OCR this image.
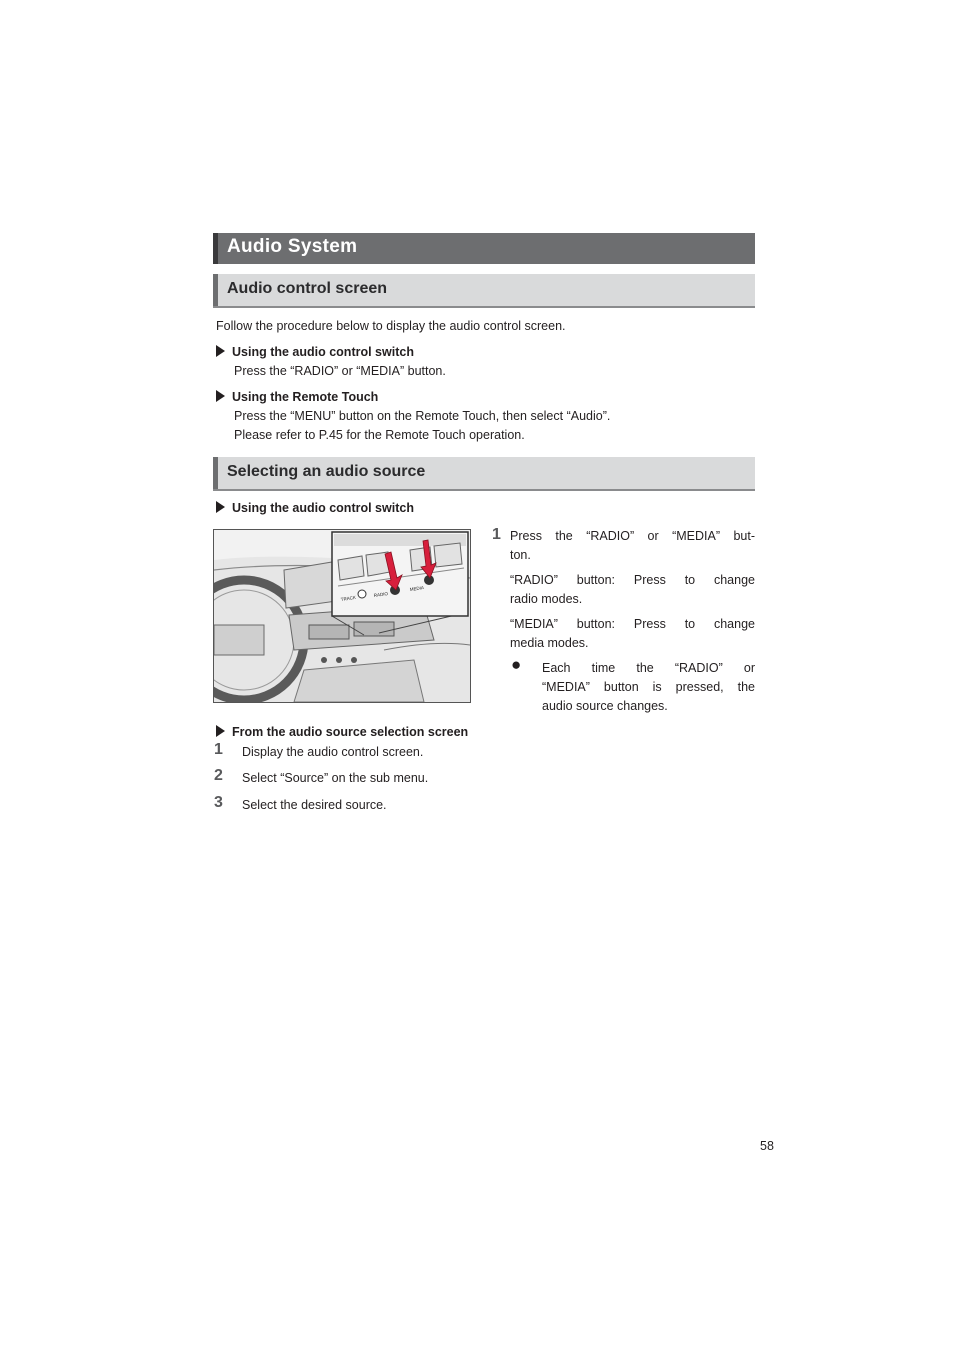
Audio System
Audio control screen
Follow the procedure below to display the audio control screen.
Using the audio control switch
Press the “RADIO” or “MEDIA” button.
Using the Remote Touch
Press the “MENU” button on the Remote Touch, then select “Audio”.
Please refer to P.45 for the Remote Touch operation.
Selecting an audio source
Using the audio control switch
TRACK
RADIO
MEDIA
1 Press the “RADIO” or “MEDIA” but-
ton.
“RADIO” button: Press to change
radio modes.
“MEDIA” button: Press to change
media modes.
● Each time the “RADIO” or
“MEDIA” button is pressed, the
audio source changes.
From the audio source selection screen
1 Display the audio control screen.
2 Select “Source” on the sub menu.
3 Select the desired source.
58
